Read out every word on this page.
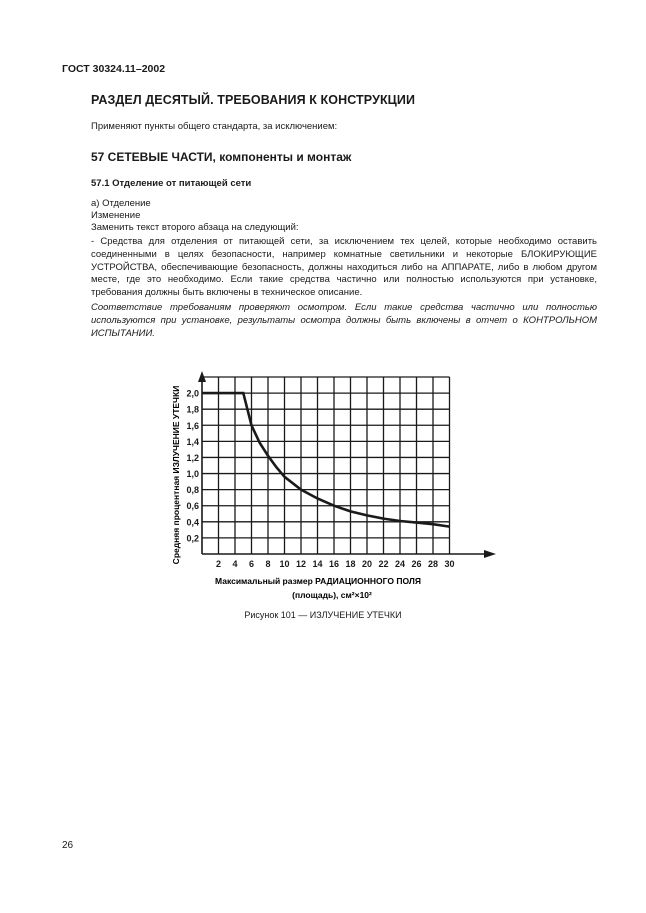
ГОСТ 30324.11–2002
РАЗДЕЛ ДЕСЯТЫЙ. ТРЕБОВАНИЯ К КОНСТРУКЦИИ
Применяют пункты общего стандарта, за исключением:
57 СЕТЕВЫЕ ЧАСТИ, компоненты и монтаж
57.1 Отделение от питающей сети
а) Отделение
Изменение
Заменить текст второго абзаца на следующий:
- Средства для отделения от питающей сети, за исключением тех целей, которые необходимо оставить соединенными в целях безопасности, например комнатные светильники и некоторые БЛОКИРУЮЩИЕ УСТРОЙСТВА, обеспечивающие безопасность, должны находиться либо на АППАРАТЕ, либо в любом другом месте, где это необходимо. Если такие средства частично или полностью используются при установке, требования должны быть включены в техническое описание.
Соответствие требованиям проверяют осмотром. Если такие средства частично или полностью используются при установке, результаты осмотра должны быть включены в отчет о КОНТРОЛЬНОМ ИСПЫТАНИИ.
0,2
0,4
0,6
0,8
1,0
1,2
1,4
1,6
1,8
2,0
2 4 6 8 10 12 14 16 18 20 22 24 26 28 30
Средняя процентная ИЗЛУЧЕНИЕ УТЕЧКИ
Максимальный размер РАДИАЦИОННОГО ПОЛЯ
(площадь), см²×10²
Рисунок 101 — ИЗЛУЧЕНИЕ УТЕЧКИ
26
